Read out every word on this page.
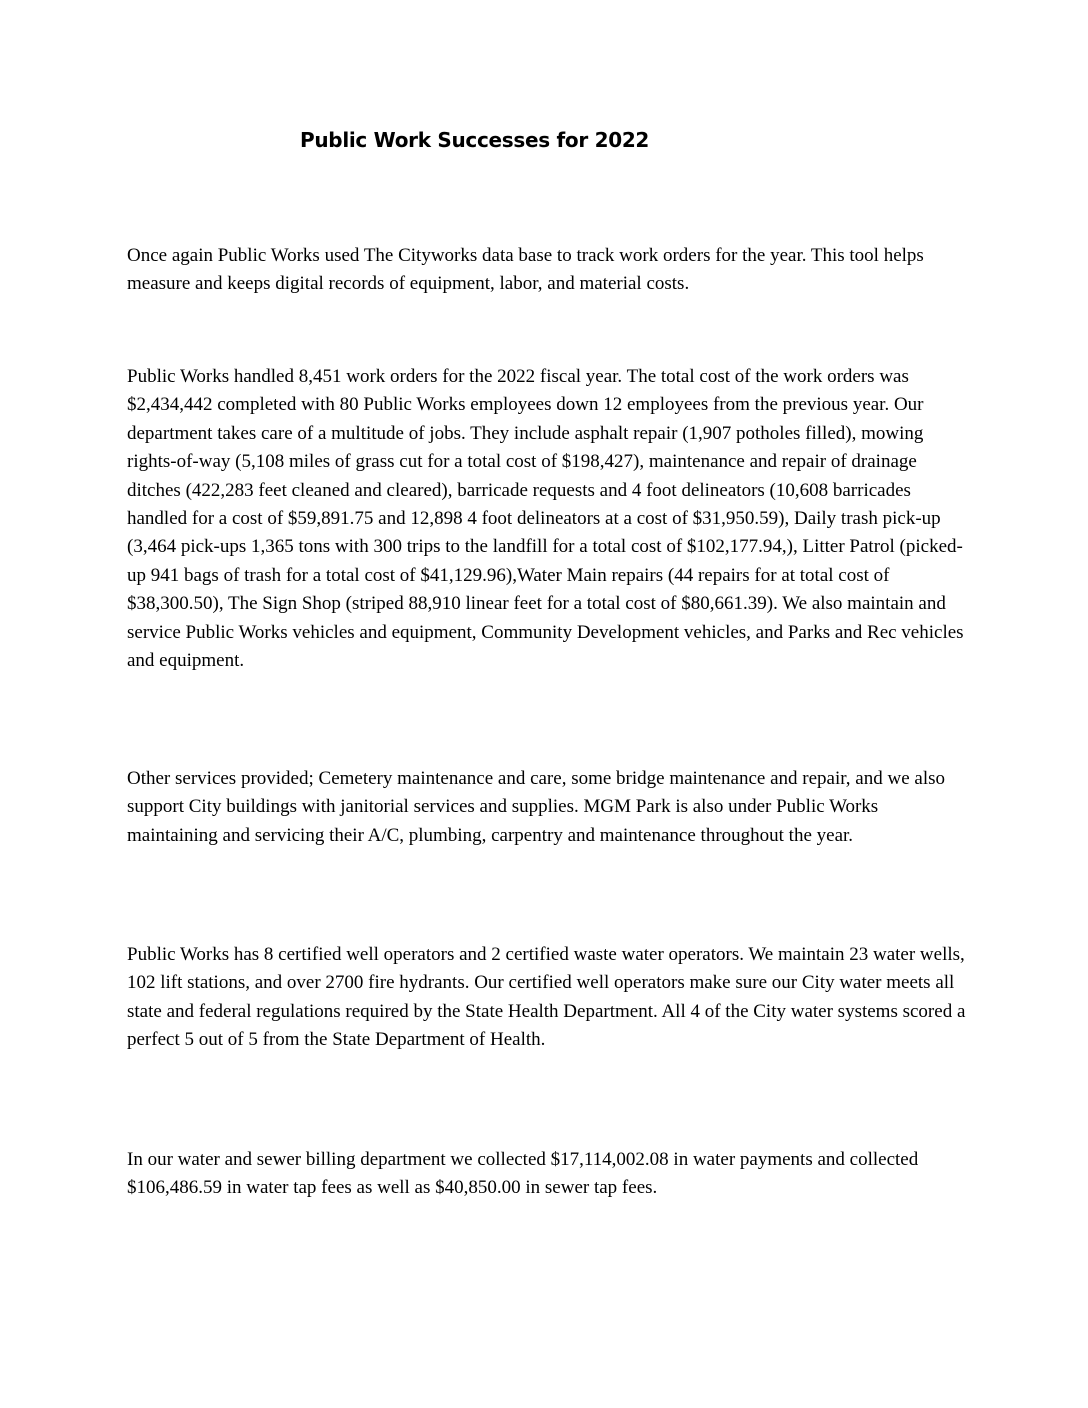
Public Work Successes for 2022

Once again Public Works used The Cityworks data base to track work orders for the year. This tool helps measure and keeps digital records of equipment, labor, and material costs.

Public Works handled 8,451 work orders for the 2022 fiscal year. The total cost of the work orders was $2,434,442 completed with 80 Public Works employees down 12 employees from the previous year. Our department takes care of a multitude of jobs. They include asphalt repair (1,907 potholes filled), mowing rights-of-way (5,108 miles of grass cut for a total cost of $198,427), maintenance and repair of drainage ditches (422,283 feet cleaned and cleared), barricade requests and 4 foot delineators (10,608 barricades handled for a cost of $59,891.75 and 12,898 4 foot delineators at a cost of $31,950.59), Daily trash pick-up (3,464 pick-ups 1,365 tons with 300 trips to the landfill for a total cost of $102,177.94,), Litter Patrol (picked-up 941 bags of trash for a total cost of $41,129.96),Water Main repairs (44 repairs for at total cost of $38,300.50), The Sign Shop (striped 88,910 linear feet for a total cost of $80,661.39). We also maintain and service Public Works vehicles and equipment, Community Development vehicles, and Parks and Rec vehicles and equipment.

Other services provided; Cemetery maintenance and care, some bridge maintenance and repair, and we also support City buildings with janitorial services and supplies. MGM Park is also under Public Works maintaining and servicing their A/C, plumbing, carpentry and maintenance throughout the year.

Public Works has 8 certified well operators and 2 certified waste water operators. We maintain 23 water wells, 102 lift stations, and over 2700 fire hydrants. Our certified well operators make sure our City water meets all state and federal regulations required by the State Health Department. All 4 of the City water systems scored a perfect 5 out of 5 from the State Department of Health.

In our water and sewer billing department we collected $17,114,002.08 in water payments and collected $106,486.59 in water tap fees as well as $40,850.00 in sewer tap fees.
